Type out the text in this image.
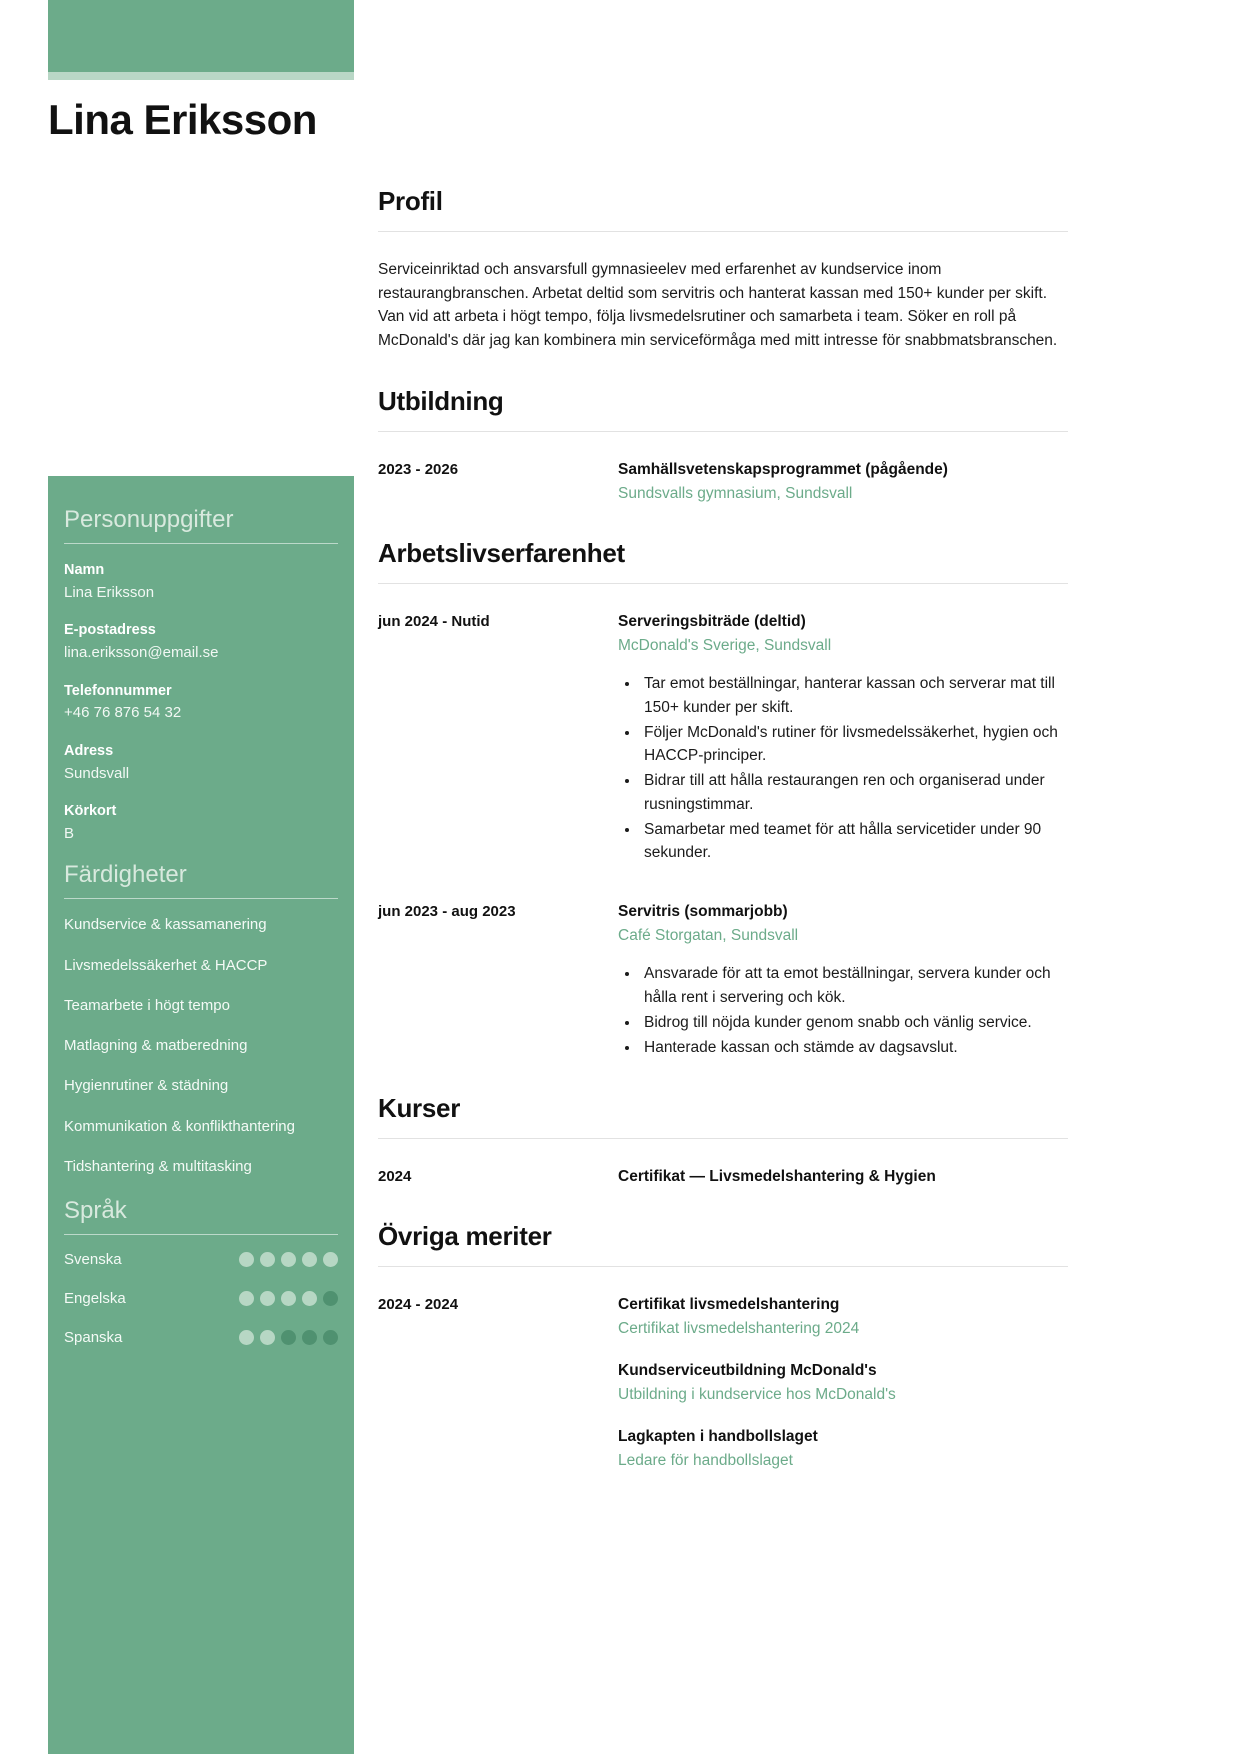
Lina Eriksson
Personuppgifter
Namn
Lina Eriksson
E-postadress
lina.eriksson@email.se
Telefonnummer
+46 76 876 54 32
Adress
Sundsvall
Körkort
B
Färdigheter
Kundservice & kassamanering
Livsmedelssäkerhet & HACCP
Teamarbete i högt tempo
Matlagning & matberedning
Hygienrutiner & städning
Kommunikation & konflikthantering
Tidshantering & multitasking
Språk
Svenska
Engelska
Spanska
Profil

Serviceinriktad och ansvarsfull gymnasieelev med erfarenhet av kundservice inom restaurangbranschen. Arbetat deltid som servitris och hanterat kassan med 150+ kunder per skift. Van vid att arbeta i högt tempo, följa livsmedelsrutiner och samarbeta i team. Söker en roll på McDonald's där jag kan kombinera min serviceförmåga med mitt intresse för snabbmatsbranschen.

Utbildning
2023 - 2026	Samhällsvetenskapsprogrammet (pågående)
Sundsvalls gymnasium, Sundsvall
Arbetslivserfarenhet
jun 2024 - Nutid	Serveringsbiträde (deltid)
McDonald's Sverige, Sundsvall
• Tar emot beställningar, hanterar kassan och serverar mat till 150+ kunder per skift.
• Följer McDonald's rutiner för livsmedelssäkerhet, hygien och HACCP-principer.
• Bidrar till att hålla restaurangen ren och organiserad under rusningstimmar.
• Samarbetar med teamet för att hålla servicetider under 90 sekunder.
jun 2023 - aug 2023	Servitris (sommarjobb)
Café Storgatan, Sundsvall
• Ansvarade för att ta emot beställningar, servera kunder och hålla rent i servering och kök.
• Bidrog till nöjda kunder genom snabb och vänlig service.
• Hanterade kassan och stämde av dagsavslut.
Kurser
2024	Certifikat — Livsmedelshantering & Hygien
Övriga meriter
2024 - 2024	Certifikat livsmedelshantering
Certifikat livsmedelshantering 2024
Kundserviceutbildning McDonald's
Utbildning i kundservice hos McDonald's
Lagkapten i handbollslaget
Ledare för handbollslaget
